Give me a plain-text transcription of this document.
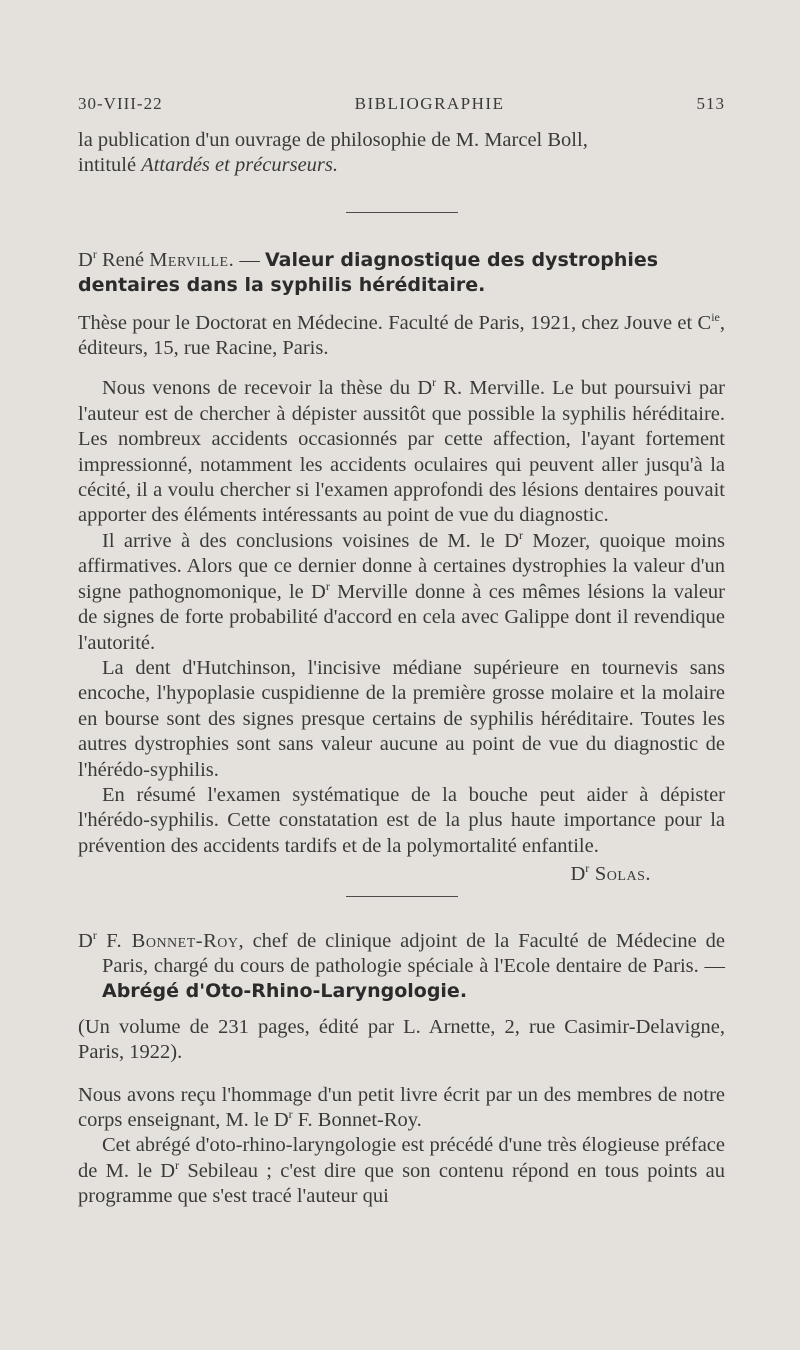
30-VIII-22	BIBLIOGRAPHIE	513

la publication d'un ouvrage de philosophie de M. Marcel Boll,
intitulé Attardés et précurseurs.

$D^r$ René Merville. — Valeur diagnostique des dystrophies dentaires dans la syphilis héréditaire.

Thèse pour le Doctorat en Médecine. Faculté de Paris, 1921, chez Jouve et $C^{ie}$, éditeurs, 15, rue Racine, Paris.

Nous venons de recevoir la thèse du $D^r$ R. Merville. Le but poursuivi par l'auteur est de chercher à dépister aussitôt que possible la syphilis héréditaire. Les nombreux accidents occasionnés par cette affection, l'ayant fortement impressionné, notamment les accidents oculaires qui peuvent aller jusqu'à la cécité, il a voulu chercher si l'examen approfondi des lésions dentaires pouvait apporter des éléments intéressants au point de vue du diagnostic.

Il arrive à des conclusions voisines de M. le $D^r$ Mozer, quoique moins affirmatives. Alors que ce dernier donne à certaines dystrophies la valeur d'un signe pathognomonique, le $D^r$ Merville donne à ces mêmes lésions la valeur de signes de forte probabilité d'accord en cela avec Galippe dont il revendique l'autorité.

La dent d'Hutchinson, l'incisive médiane supérieure en tournevis sans encoche, l'hypoplasie cuspidienne de la première grosse molaire et la molaire en bourse sont des signes presque certains de syphilis héréditaire. Toutes les autres dystrophies sont sans valeur aucune au point de vue du diagnostic de l'hérédo-syphilis.

En résumé l'examen systématique de la bouche peut aider à dépister l'hérédo-syphilis. Cette constatation est de la plus haute importance pour la prévention des accidents tardifs et de la polymortalité enfantile.

$D^r$ Solas.

$D^r$ F. Bonnet-Roy, chef de clinique adjoint de la Faculté de Médecine de Paris, chargé du cours de pathologie spéciale à l'Ecole dentaire de Paris. — Abrégé d'Oto-Rhino-Laryngologie.

(Un volume de 231 pages, édité par L. Arnette, 2, rue Casimir-Delavigne, Paris, 1922).

Nous avons reçu l'hommage d'un petit livre écrit par un des membres de notre corps enseignant, M. le $D^r$ F. Bonnet-Roy.

Cet abrégé d'oto-rhino-laryngologie est précédé d'une très élogieuse préface de M. le $D^r$ Sebileau ; c'est dire que son contenu répond en tous points au programme que s'est tracé l'auteur qui
